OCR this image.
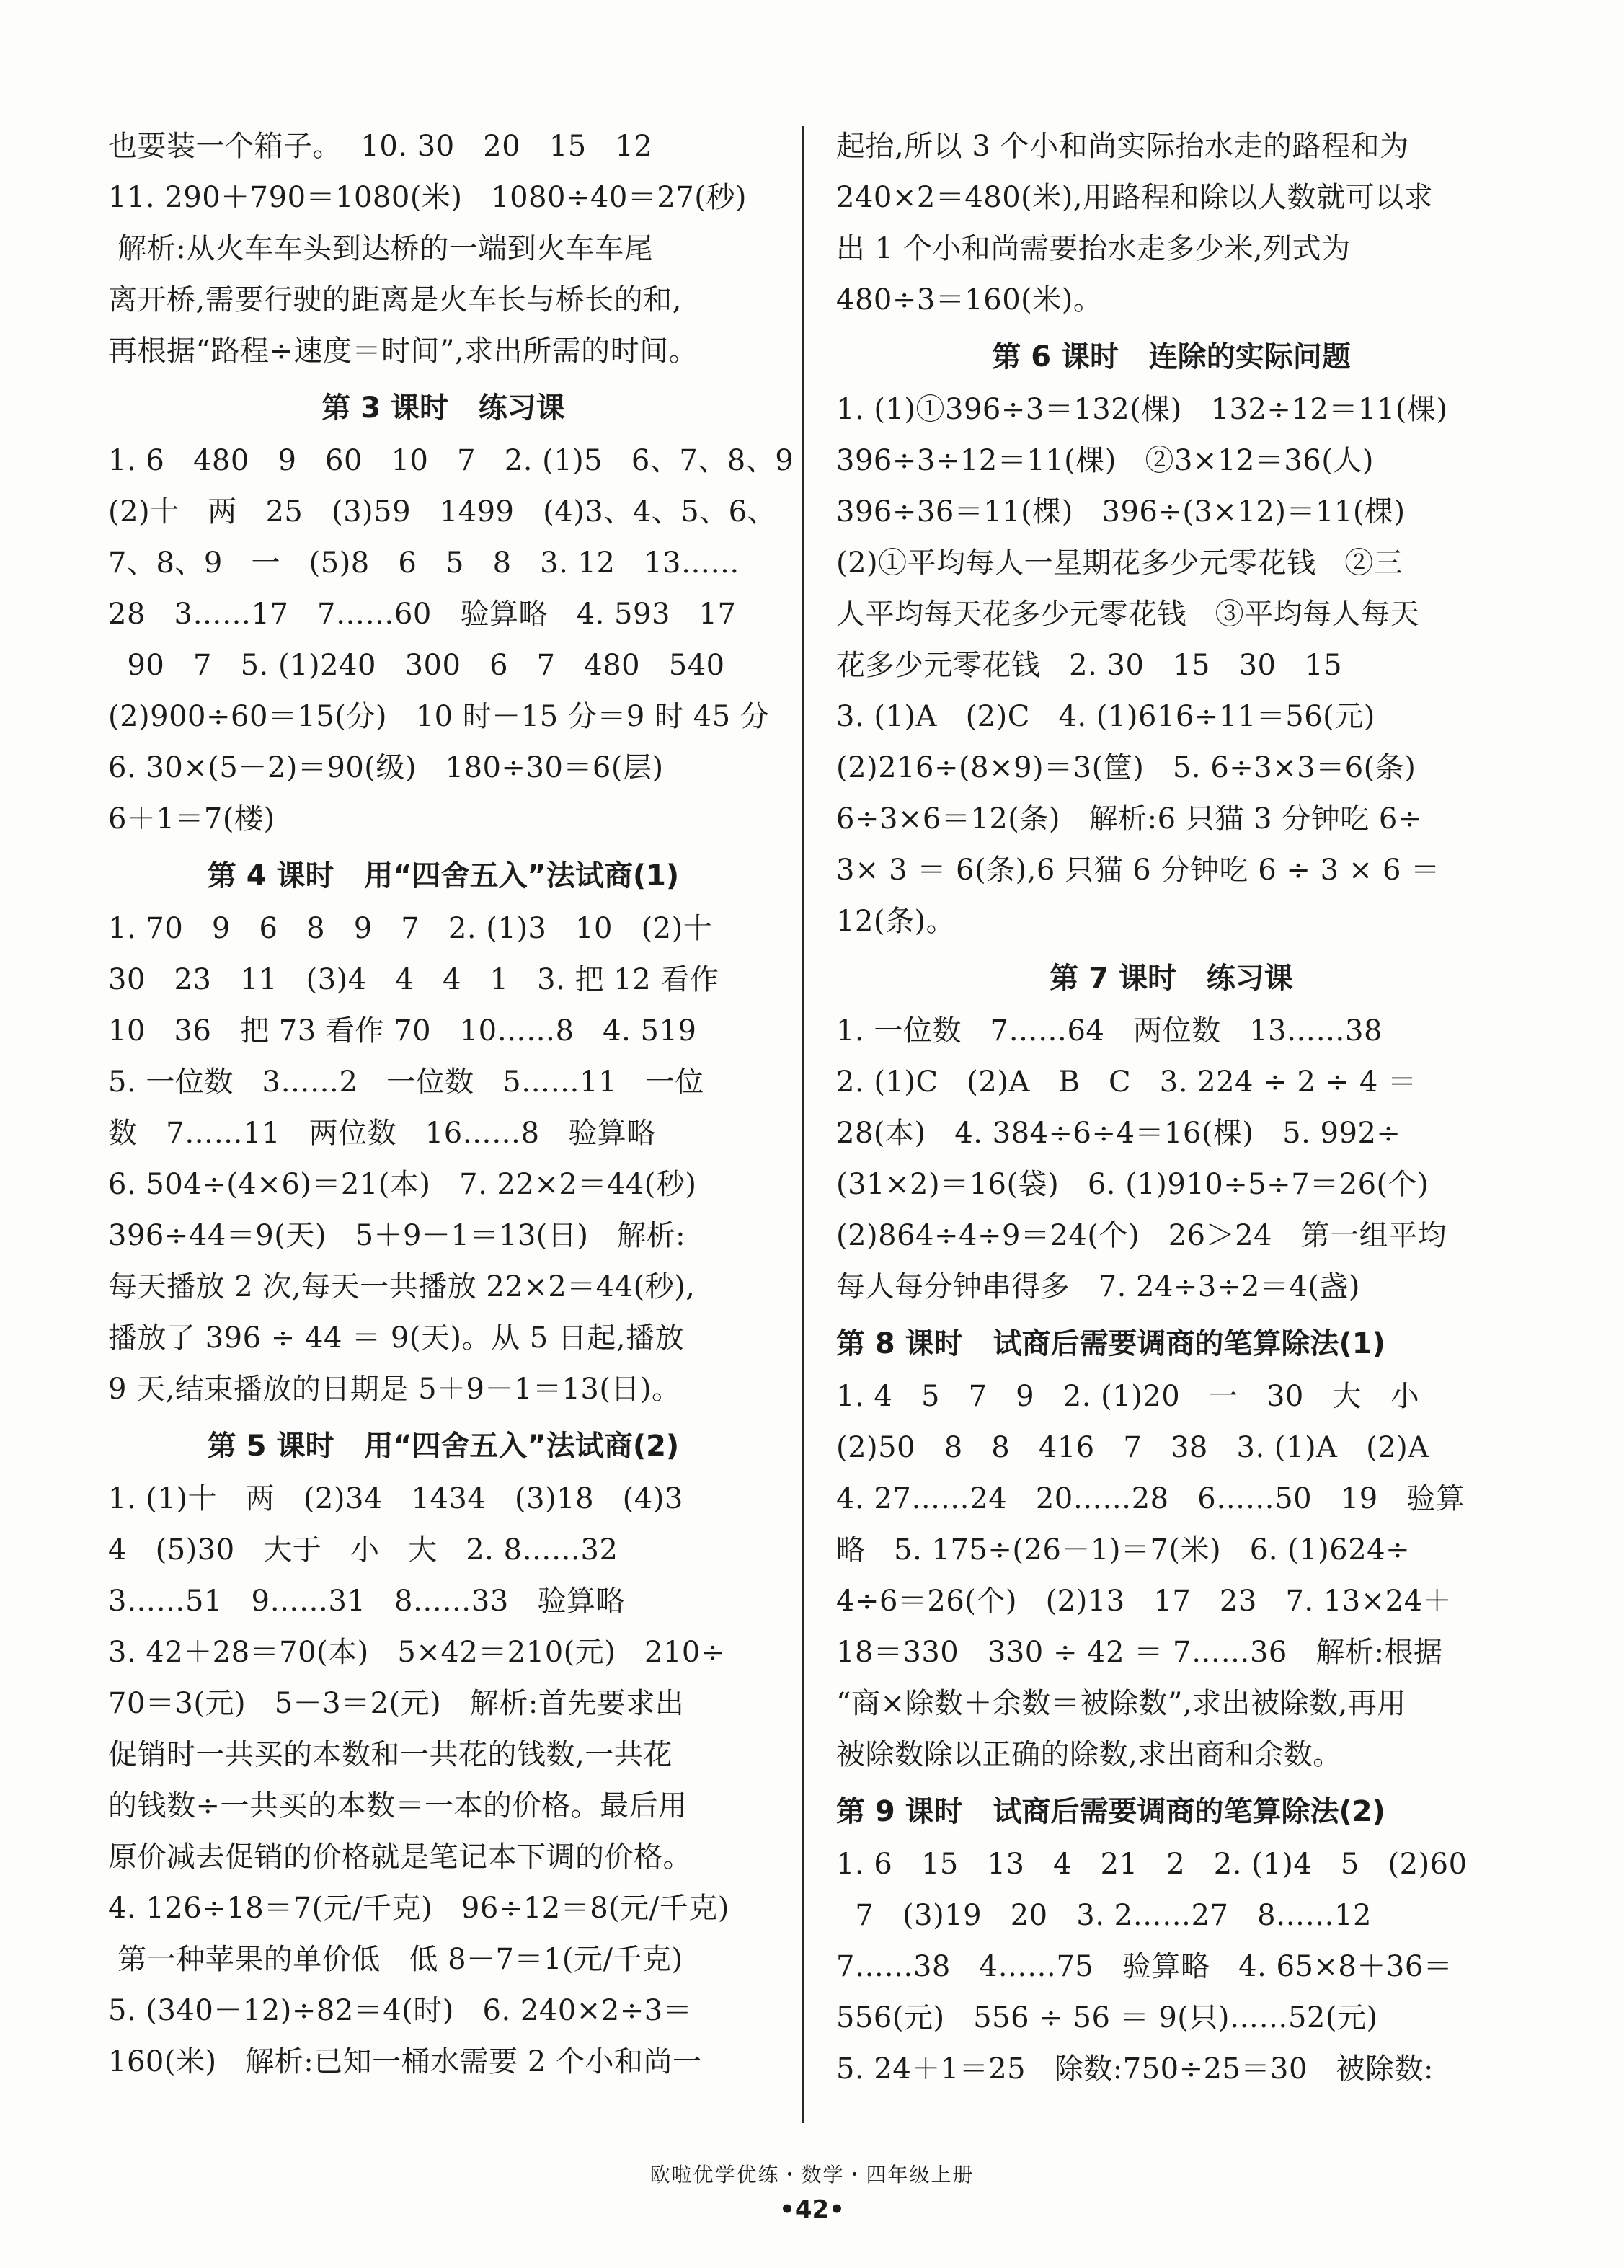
也要装一个箱子。  10. 30   20   15   12
11. 290＋790＝1080(米)   1080÷40＝27(秒)
解析:从火车车头到达桥的一端到火车车尾
离开桥,需要行驶的距离是火车长与桥长的和,
再根据“路程÷速度＝时间”,求出所需的时间。
第 3 课时   练习课
1. 6   480   9   60   10   7   2. (1)5   6、7、8、9
(2)十   两   25   (3)59   1499   (4)3、4、5、6、
7、8、9   一   (5)8   6   5   8   3. 12   13……
28   3……17   7……60   验算略   4. 593   17
90   7   5. (1)240   300   6   7   480   540
(2)900÷60＝15(分)   10 时－15 分＝9 时 45 分
6. 30×(5－2)＝90(级)   180÷30＝6(层)
6＋1＝7(楼)
第 4 课时   用“四舍五入”法试商(1)
1. 70   9   6   8   9   7   2. (1)3   10   (2)十
30   23   11   (3)4   4   4   1   3. 把 12 看作
10   36   把 73 看作 70   10……8   4. 519
5. 一位数   3……2   一位数   5……11   一位
数   7……11   两位数   16……8   验算略
6. 504÷(4×6)＝21(本)   7. 22×2＝44(秒)
396÷44＝9(天)   5＋9－1＝13(日)   解析:
每天播放 2 次,每天一共播放 22×2＝44(秒),
播放了 396 ÷ 44 ＝ 9(天)。从 5 日起,播放
9 天,结束播放的日期是 5＋9－1＝13(日)。
第 5 课时   用“四舍五入”法试商(2)
1. (1)十   两   (2)34   1434   (3)18   (4)3
4   (5)30   大于   小   大   2. 8……32
3……51   9……31   8……33   验算略
3. 42＋28＝70(本)   5×42＝210(元)   210÷
70＝3(元)   5－3＝2(元)   解析:首先要求出
促销时一共买的本数和一共花的钱数,一共花
的钱数÷一共买的本数＝一本的价格。最后用
原价减去促销的价格就是笔记本下调的价格。
4. 126÷18＝7(元/千克)   96÷12＝8(元/千克)
第一种苹果的单价低   低 8－7＝1(元/千克)
5. (340－12)÷82＝4(时)   6. 240×2÷3＝
160(米)   解析:已知一桶水需要 2 个小和尚一
起抬,所以 3 个小和尚实际抬水走的路程和为
240×2＝480(米),用路程和除以人数就可以求
出 1 个小和尚需要抬水走多少米,列式为
480÷3＝160(米)。
第 6 课时   连除的实际问题
1. (1)①396÷3＝132(棵)   132÷12＝11(棵)
396÷3÷12＝11(棵)   ②3×12＝36(人)
396÷36＝11(棵)   396÷(3×12)＝11(棵)
(2)①平均每人一星期花多少元零花钱   ②三
人平均每天花多少元零花钱   ③平均每人每天
花多少元零花钱   2. 30   15   30   15
3. (1)A   (2)C   4. (1)616÷11＝56(元)
(2)216÷(8×9)＝3(筐)   5. 6÷3×3＝6(条)
6÷3×6＝12(条)   解析:6 只猫 3 分钟吃 6÷
3× 3 ＝ 6(条),6 只猫 6 分钟吃 6 ÷ 3 × 6 ＝
12(条)。
第 7 课时   练习课
1. 一位数   7……64   两位数   13……38
2. (1)C   (2)A   B   C   3. 224 ÷ 2 ÷ 4 ＝
28(本)   4. 384÷6÷4＝16(棵)   5. 992÷
(31×2)＝16(袋)   6. (1)910÷5÷7＝26(个)
(2)864÷4÷9＝24(个)   26＞24   第一组平均
每人每分钟串得多   7. 24÷3÷2＝4(盏)
第 8 课时   试商后需要调商的笔算除法(1)
1. 4   5   7   9   2. (1)20   一   30   大   小
(2)50   8   8   416   7   38   3. (1)A   (2)A
4. 27……24   20……28   6……50   19   验算
略   5. 175÷(26－1)＝7(米)   6. (1)624÷
4÷6＝26(个)   (2)13   17   23   7. 13×24＋
18＝330   330 ÷ 42 ＝ 7……36   解析:根据
“商×除数＋余数＝被除数”,求出被除数,再用
被除数除以正确的除数,求出商和余数。
第 9 课时   试商后需要调商的笔算除法(2)
1. 6   15   13   4   21   2   2. (1)4   5   (2)60
7   (3)19   20   3. 2……27   8……12
7……38   4……75   验算略   4. 65×8＋36＝
556(元)   556 ÷ 56 ＝ 9(只)……52(元)
5. 24＋1＝25   除数:750÷25＝30   被除数:
欧啦优学优练・数学・四年级上册
•42•
